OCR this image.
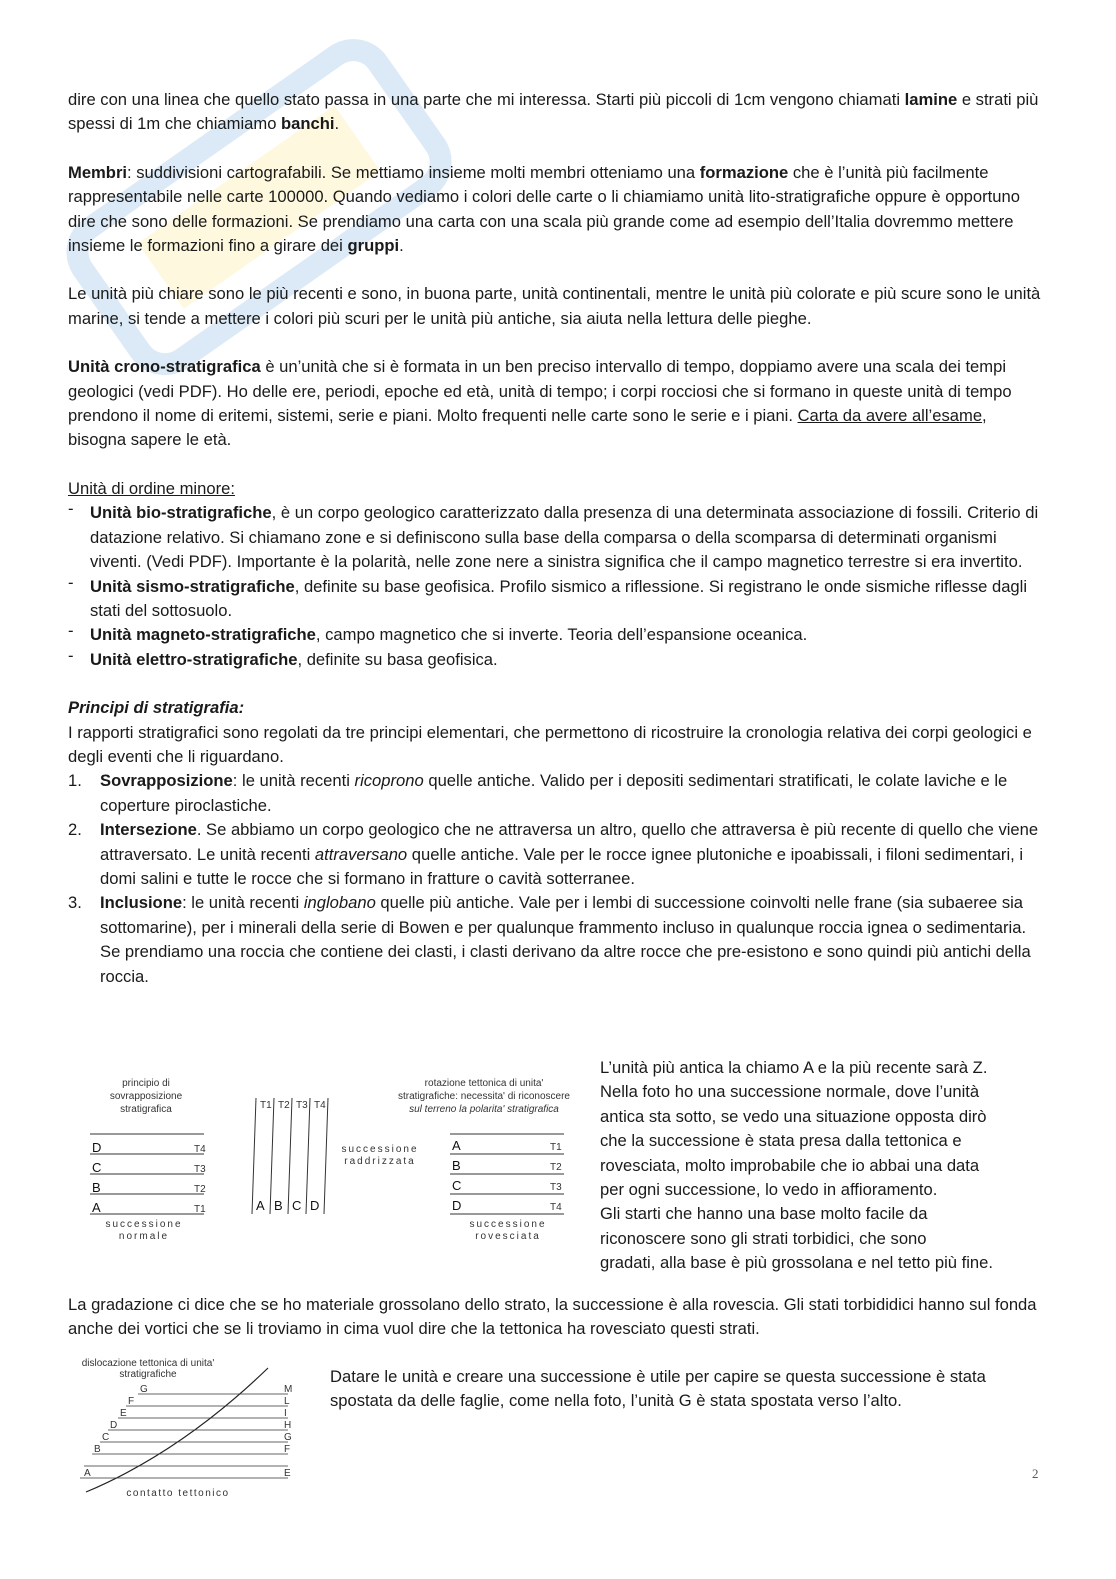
dire con una linea che quello stato passa in una parte che mi interessa. Starti più piccoli di 1cm vengono chiamati lamine e strati più spessi di 1m che chiamiamo banchi.

Membri: suddivisioni cartografabili. Se mettiamo insieme molti membri otteniamo una formazione che è l’unità più facilmente rappresentabile nelle carte 100000. Quando vediamo i colori delle carte o li chiamiamo unità lito-stratigrafiche oppure è opportuno dire che sono delle formazioni. Se prendiamo una carta con una scala più grande come ad esempio dell’Italia dovremmo mettere insieme le formazioni fino a girare dei gruppi.

Le unità più chiare sono le più recenti e sono, in buona parte, unità continentali, mentre le unità più colorate e più scure sono le unità marine, si tende a mettere i colori più scuri per le unità più antiche, sia aiuta nella lettura delle pieghe.

Unità crono-stratigrafica è un’unità che si è formata in un ben preciso intervallo di tempo, doppiamo avere una scala dei tempi geologici (vedi PDF). Ho delle ere, periodi, epoche ed età, unità di tempo; i corpi rocciosi che si formano in queste unità di tempo prendono il nome di eritemi, sistemi, serie e piani. Molto frequenti nelle carte sono le serie e i piani. Carta da avere all’esame, bisogna sapere le età.

Unità di ordine minore:

- Unità bio-stratigrafiche, è un corpo geologico caratterizzato dalla presenza di una determinata associazione di fossili. Criterio di datazione relativo. Si chiamano zone e si definiscono sulla base della comparsa o della scomparsa di determinati organismi viventi. (Vedi PDF). Importante è la polarità, nelle zone nere a sinistra significa che il campo magnetico terrestre si era invertito.
- Unità sismo-stratigrafiche, definite su base geofisica. Profilo sismico a riflessione. Si registrano le onde sismiche riflesse dagli stati del sottosuolo.
- Unità magneto-stratigrafiche, campo magnetico che si inverte. Teoria dell’espansione oceanica.
- Unità elettro-stratigrafiche, definite su basa geofisica.

Principi di stratigrafia:

I rapporti stratigrafici sono regolati da tre principi elementari, che permettono di ricostruire la cronologia relativa dei corpi geologici e degli eventi che li riguardano.

1. Sovrapposizione: le unità recenti ricoprono quelle antiche. Valido per i depositi sedimentari stratificati, le colate laviche e le coperture piroclastiche.
2. Intersezione. Se abbiamo un corpo geologico che ne attraversa un altro, quello che attraversa è più recente di quello che viene attraversato. Le unità recenti attraversano quelle antiche. Vale per le rocce ignee plutoniche e ipoabissali, i filoni sedimentari, i domi salini e tutte le rocce che si formano in fratture o cavità sotterranee.
3. Inclusione: le unità recenti inglobano quelle più antiche. Vale per i lembi di successione coinvolti nelle frane (sia subaeree sia sottomarine), per i minerali della serie di Bowen e per qualunque frammento incluso in qualunque roccia ignea o sedimentaria. Se prendiamo una roccia che contiene dei clasti, i clasti derivano da altre rocce che pre-esistono e sono quindi più antichi della roccia.
principio di
sovrapposizione
stratigrafica
D
C
B
A
T4
T3
T2
T1
successione
normale
T1 T2 T3 T4
A B C D
successione
raddrizzata
rotazione tettonica di unita'
stratigrafiche: necessita' di riconoscere
sul terreno la polarita' stratigrafica
A
B
C
D
T1
T2
T3
T4
successione
rovesciata
L’unità più antica la chiamo A e la più recente sarà Z.
Nella foto ho una successione normale, dove l’unità
antica sta sotto, se vedo una situazione opposta dirò
che la successione è stata presa dalla tettonica e
rovesciata, molto improbabile che io abbai una data
per ogni successione, lo vedo in affioramento.
Gli starti che hanno una base molto facile da
riconoscere sono gli strati torbidici, che sono
gradati, alla base è più grossolana e nel tetto più fine.

La gradazione ci dice che se ho materiale grossolano dello strato, la successione è alla rovescia. Gli stati torbididici hanno sul fonda anche dei vortici che se li troviamo in cima vuol dire che la tettonica ha rovesciato questi strati.

dislocazione tettonica di unita'
stratigrafiche
G
F
E
D
C
B
A
M
L
I
H
G
F
E
contatto tettonico

Datare le unità e creare una successione è utile per capire se questa successione è stata spostata da delle faglie, come nella foto, l’unità G è stata spostata verso l’alto.

2
